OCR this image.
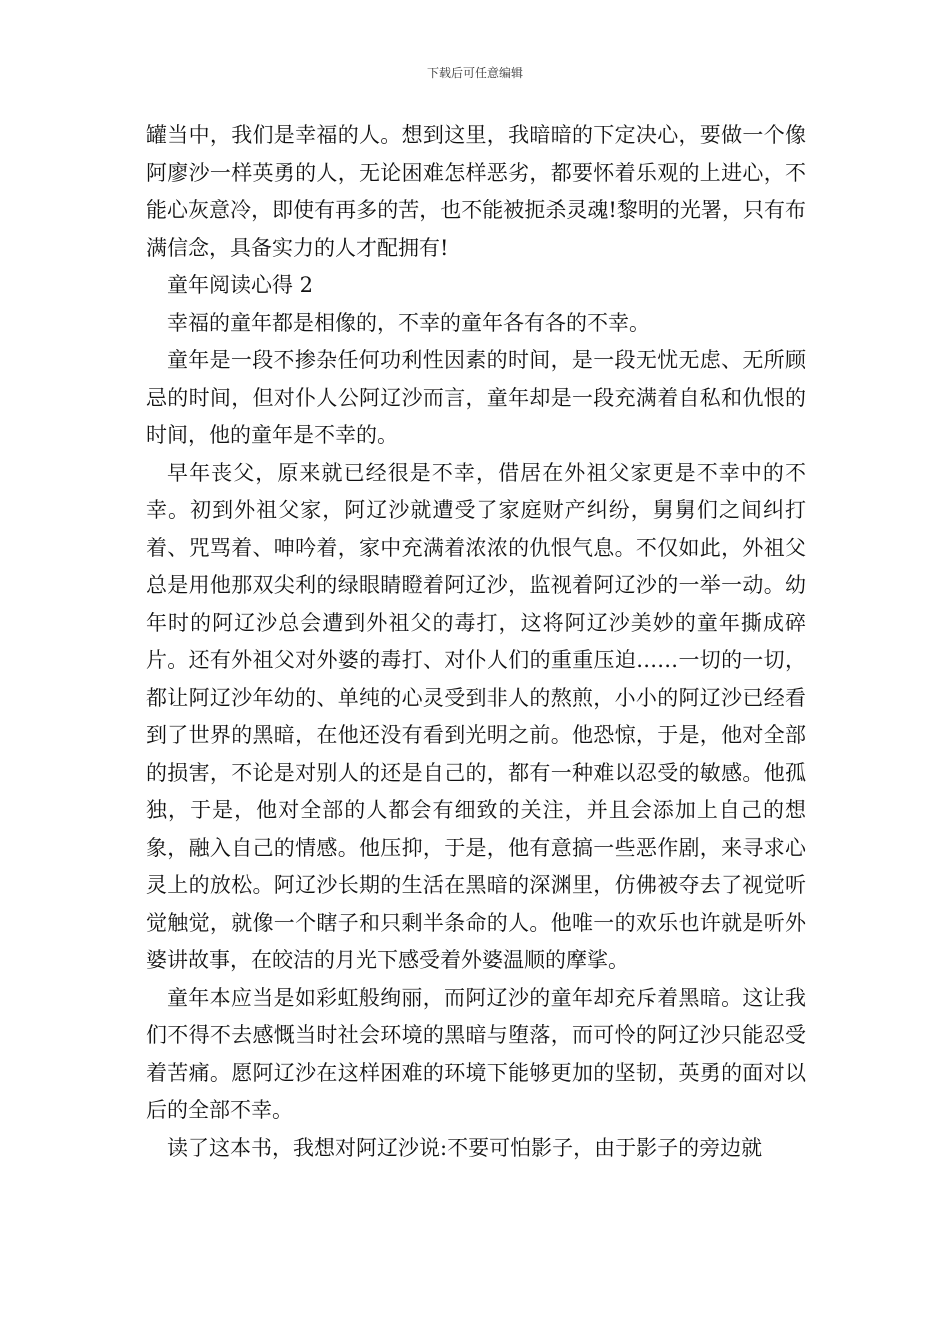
下载后可任意编辑

罐当中，我们是幸福的人。想到这里，我暗暗的下定决心，要做一个像阿廖沙一样英勇的人，无论困难怎样恶劣，都要怀着乐观的上进心，不能心灰意冷，即使有再多的苦，也不能被扼杀灵魂!黎明的光署，只有布满信念，具备实力的人才配拥有!

童年阅读心得 2

幸福的童年都是相像的，不幸的童年各有各的不幸。

童年是一段不掺杂任何功利性因素的时间，是一段无忧无虑、无所顾忌的时间，但对仆人公阿辽沙而言，童年却是一段充满着自私和仇恨的时间，他的童年是不幸的。

早年丧父，原来就已经很是不幸，借居在外祖父家更是不幸中的不幸。初到外祖父家，阿辽沙就遭受了家庭财产纠纷，舅舅们之间纠打着、咒骂着、呻吟着，家中充满着浓浓的仇恨气息。不仅如此，外祖父总是用他那双尖利的绿眼睛瞪着阿辽沙，监视着阿辽沙的一举一动。幼年时的阿辽沙总会遭到外祖父的毒打，这将阿辽沙美妙的童年撕成碎片。还有外祖父对外婆的毒打、对仆人们的重重压迫……一切的一切，都让阿辽沙年幼的、单纯的心灵受到非人的熬煎，小小的阿辽沙已经看到了世界的黑暗，在他还没有看到光明之前。他恐惊，于是，他对全部的损害，不论是对别人的还是自己的，都有一种难以忍受的敏感。他孤独，于是，他对全部的人都会有细致的关注，并且会添加上自己的想象，融入自己的情感。他压抑，于是，他有意搞一些恶作剧，来寻求心灵上的放松。阿辽沙长期的生活在黑暗的深渊里，仿佛被夺去了视觉听觉触觉，就像一个瞎子和只剩半条命的人。他唯一的欢乐也许就是听外婆讲故事，在皎洁的月光下感受着外婆温顺的摩挲。

童年本应当是如彩虹般绚丽，而阿辽沙的童年却充斥着黑暗。这让我们不得不去感慨当时社会环境的黑暗与堕落，而可怜的阿辽沙只能忍受着苦痛。愿阿辽沙在这样困难的环境下能够更加的坚韧，英勇的面对以后的全部不幸。

读了这本书，我想对阿辽沙说:不要可怕影子，由于影子的旁边就
